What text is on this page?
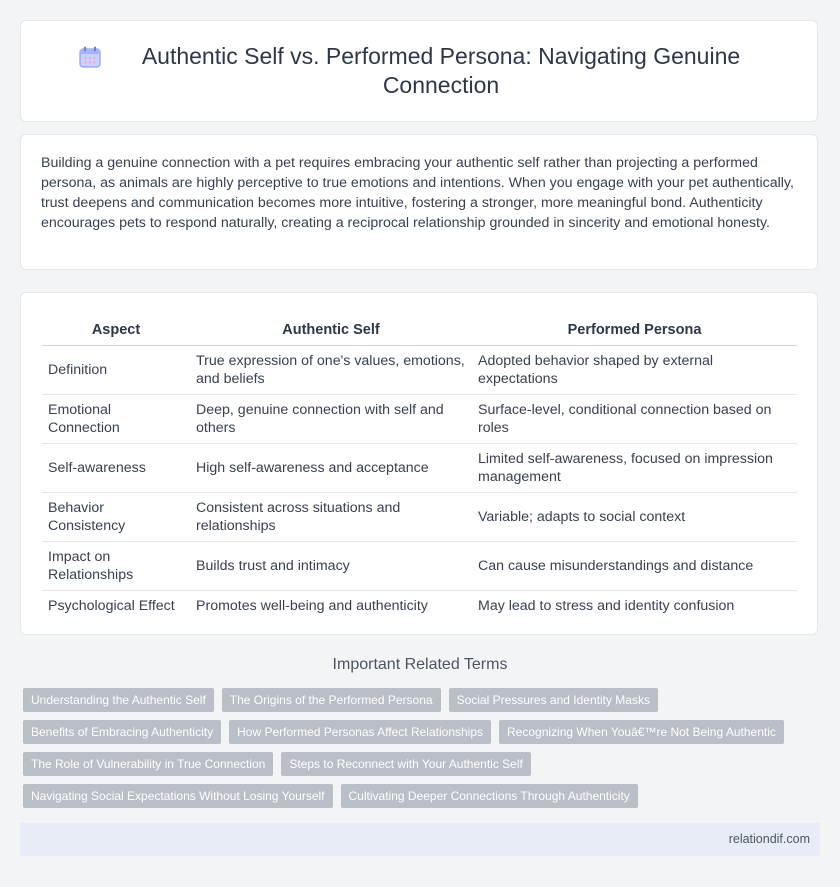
Authentic Self vs. Performed Persona: Navigating Genuine Connection

Building a genuine connection with a pet requires embracing your authentic self rather than projecting a performed persona, as animals are highly perceptive to true emotions and intentions. When you engage with your pet authentically, trust deepens and communication becomes more intuitive, fostering a stronger, more meaningful bond. Authenticity encourages pets to respond naturally, creating a reciprocal relationship grounded in sincerity and emotional honesty.

Aspect	Authentic Self	Performed Persona
Definition	True expression of one's values, emotions, and beliefs	Adopted behavior shaped by external expectations
Emotional Connection	Deep, genuine connection with self and others	Surface-level, conditional connection based on roles
Self-awareness	High self-awareness and acceptance	Limited self-awareness, focused on impression management
Behavior Consistency	Consistent across situations and relationships	Variable; adapts to social context
Impact on Relationships	Builds trust and intimacy	Can cause misunderstandings and distance
Psychological Effect	Promotes well-being and authenticity	May lead to stress and identity confusion
Important Related Terms
Understanding the Authentic Self	The Origins of the Performed Persona	Social Pressures and Identity Masks
Benefits of Embracing Authenticity	How Performed Personas Affect Relationships	Recognizing When Youâ€™re Not Being Authentic
The Role of Vulnerability in True Connection	Steps to Reconnect with Your Authentic Self
Navigating Social Expectations Without Losing Yourself	Cultivating Deeper Connections Through Authenticity
relationdif.com
